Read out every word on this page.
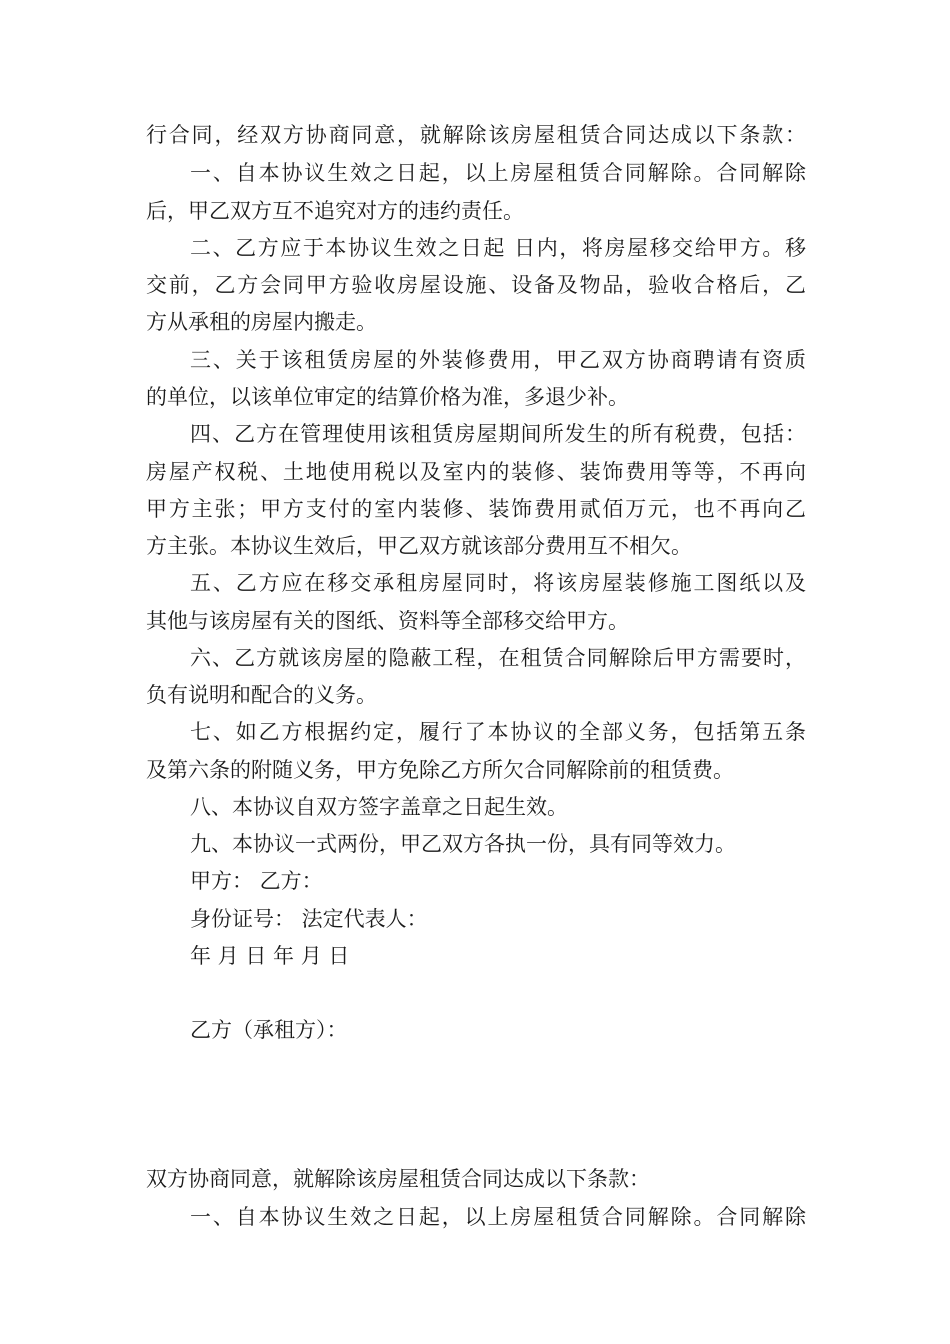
行合同，经双方协商同意，就解除该房屋租赁合同达成以下条款：
一、自本协议生效之日起，以上房屋租赁合同解除。合同解除
后，甲乙双方互不追究对方的违约责任。
二、乙方应于本协议生效之日起 日内，将房屋移交给甲方。移
交前，乙方会同甲方验收房屋设施、设备及物品，验收合格后，乙
方从承租的房屋内搬走。
三、关于该租赁房屋的外装修费用，甲乙双方协商聘请有资质
的单位，以该单位审定的结算价格为准，多退少补。
四、乙方在管理使用该租赁房屋期间所发生的所有税费，包括：
房屋产权税、土地使用税以及室内的装修、装饰费用等等，不再向
甲方主张；甲方支付的室内装修、装饰费用贰佰万元，也不再向乙
方主张。本协议生效后，甲乙双方就该部分费用互不相欠。
五、乙方应在移交承租房屋同时，将该房屋装修施工图纸以及
其他与该房屋有关的图纸、资料等全部移交给甲方。
六、乙方就该房屋的隐蔽工程，在租赁合同解除后甲方需要时，
负有说明和配合的义务。
七、如乙方根据约定，履行了本协议的全部义务，包括第五条
及第六条的附随义务，甲方免除乙方所欠合同解除前的租赁费。
八、本协议自双方签字盖章之日起生效。
九、本协议一式两份，甲乙双方各执一份，具有同等效力。
甲方： 乙方：
身份证号： 法定代表人：
年 月 日 年 月 日

乙方（承租方）：

双方协商同意，就解除该房屋租赁合同达成以下条款：
一、自本协议生效之日起，以上房屋租赁合同解除。合同解除
